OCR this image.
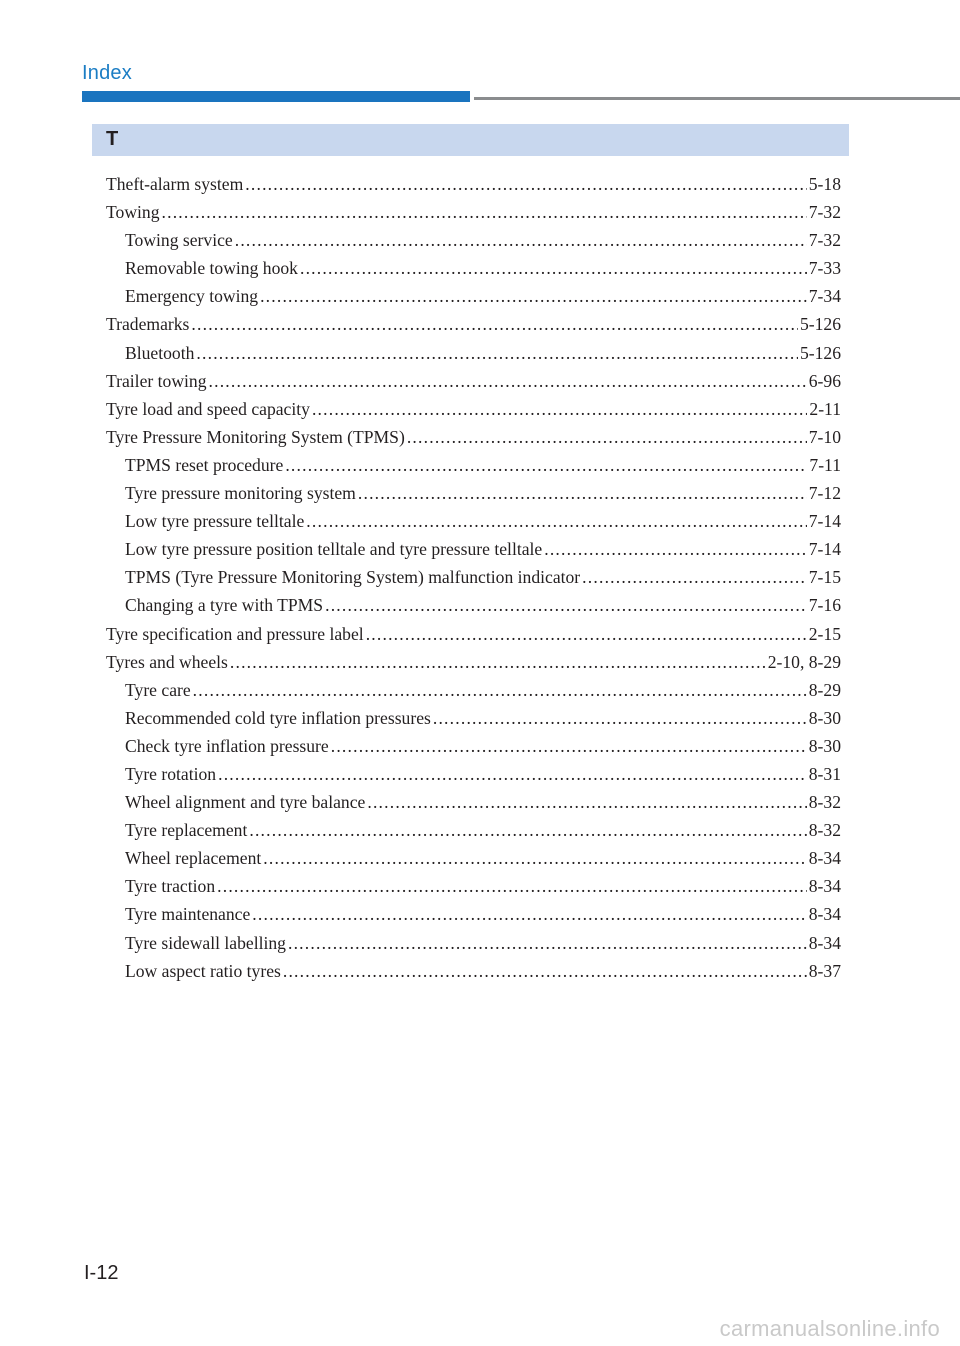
Index
T
Theft-alarm system .....	5-18
Towing .....	7-32
Towing service .....	7-32
Removable towing hook .....	7-33
Emergency towing .....	7-34
Trademarks .....	5-126
Bluetooth .....	5-126
Trailer towing .....	6-96
Tyre load and speed capacity .....	2-11
Tyre Pressure Monitoring System (TPMS) .....	7-10
TPMS reset procedure .....	7-11
Tyre pressure monitoring system .....	7-12
Low tyre pressure telltale .....	7-14
Low tyre pressure position telltale and tyre pressure telltale .....	7-14
TPMS (Tyre Pressure Monitoring System) malfunction indicator .....	7-15
Changing a tyre with TPMS .....	7-16
Tyre specification and pressure label .....	2-15
Tyres and wheels .....	2-10, 8-29
Tyre care .....	8-29
Recommended cold tyre inflation pressures .....	8-30
Check tyre inflation pressure .....	8-30
Tyre rotation .....	8-31
Wheel alignment and tyre balance .....	8-32
Tyre replacement .....	8-32
Wheel replacement .....	8-34
Tyre traction .....	8-34
Tyre maintenance .....	8-34
Tyre sidewall labelling .....	8-34
Low aspect ratio tyres .....	8-37
I-12
carmanualsonline.info
